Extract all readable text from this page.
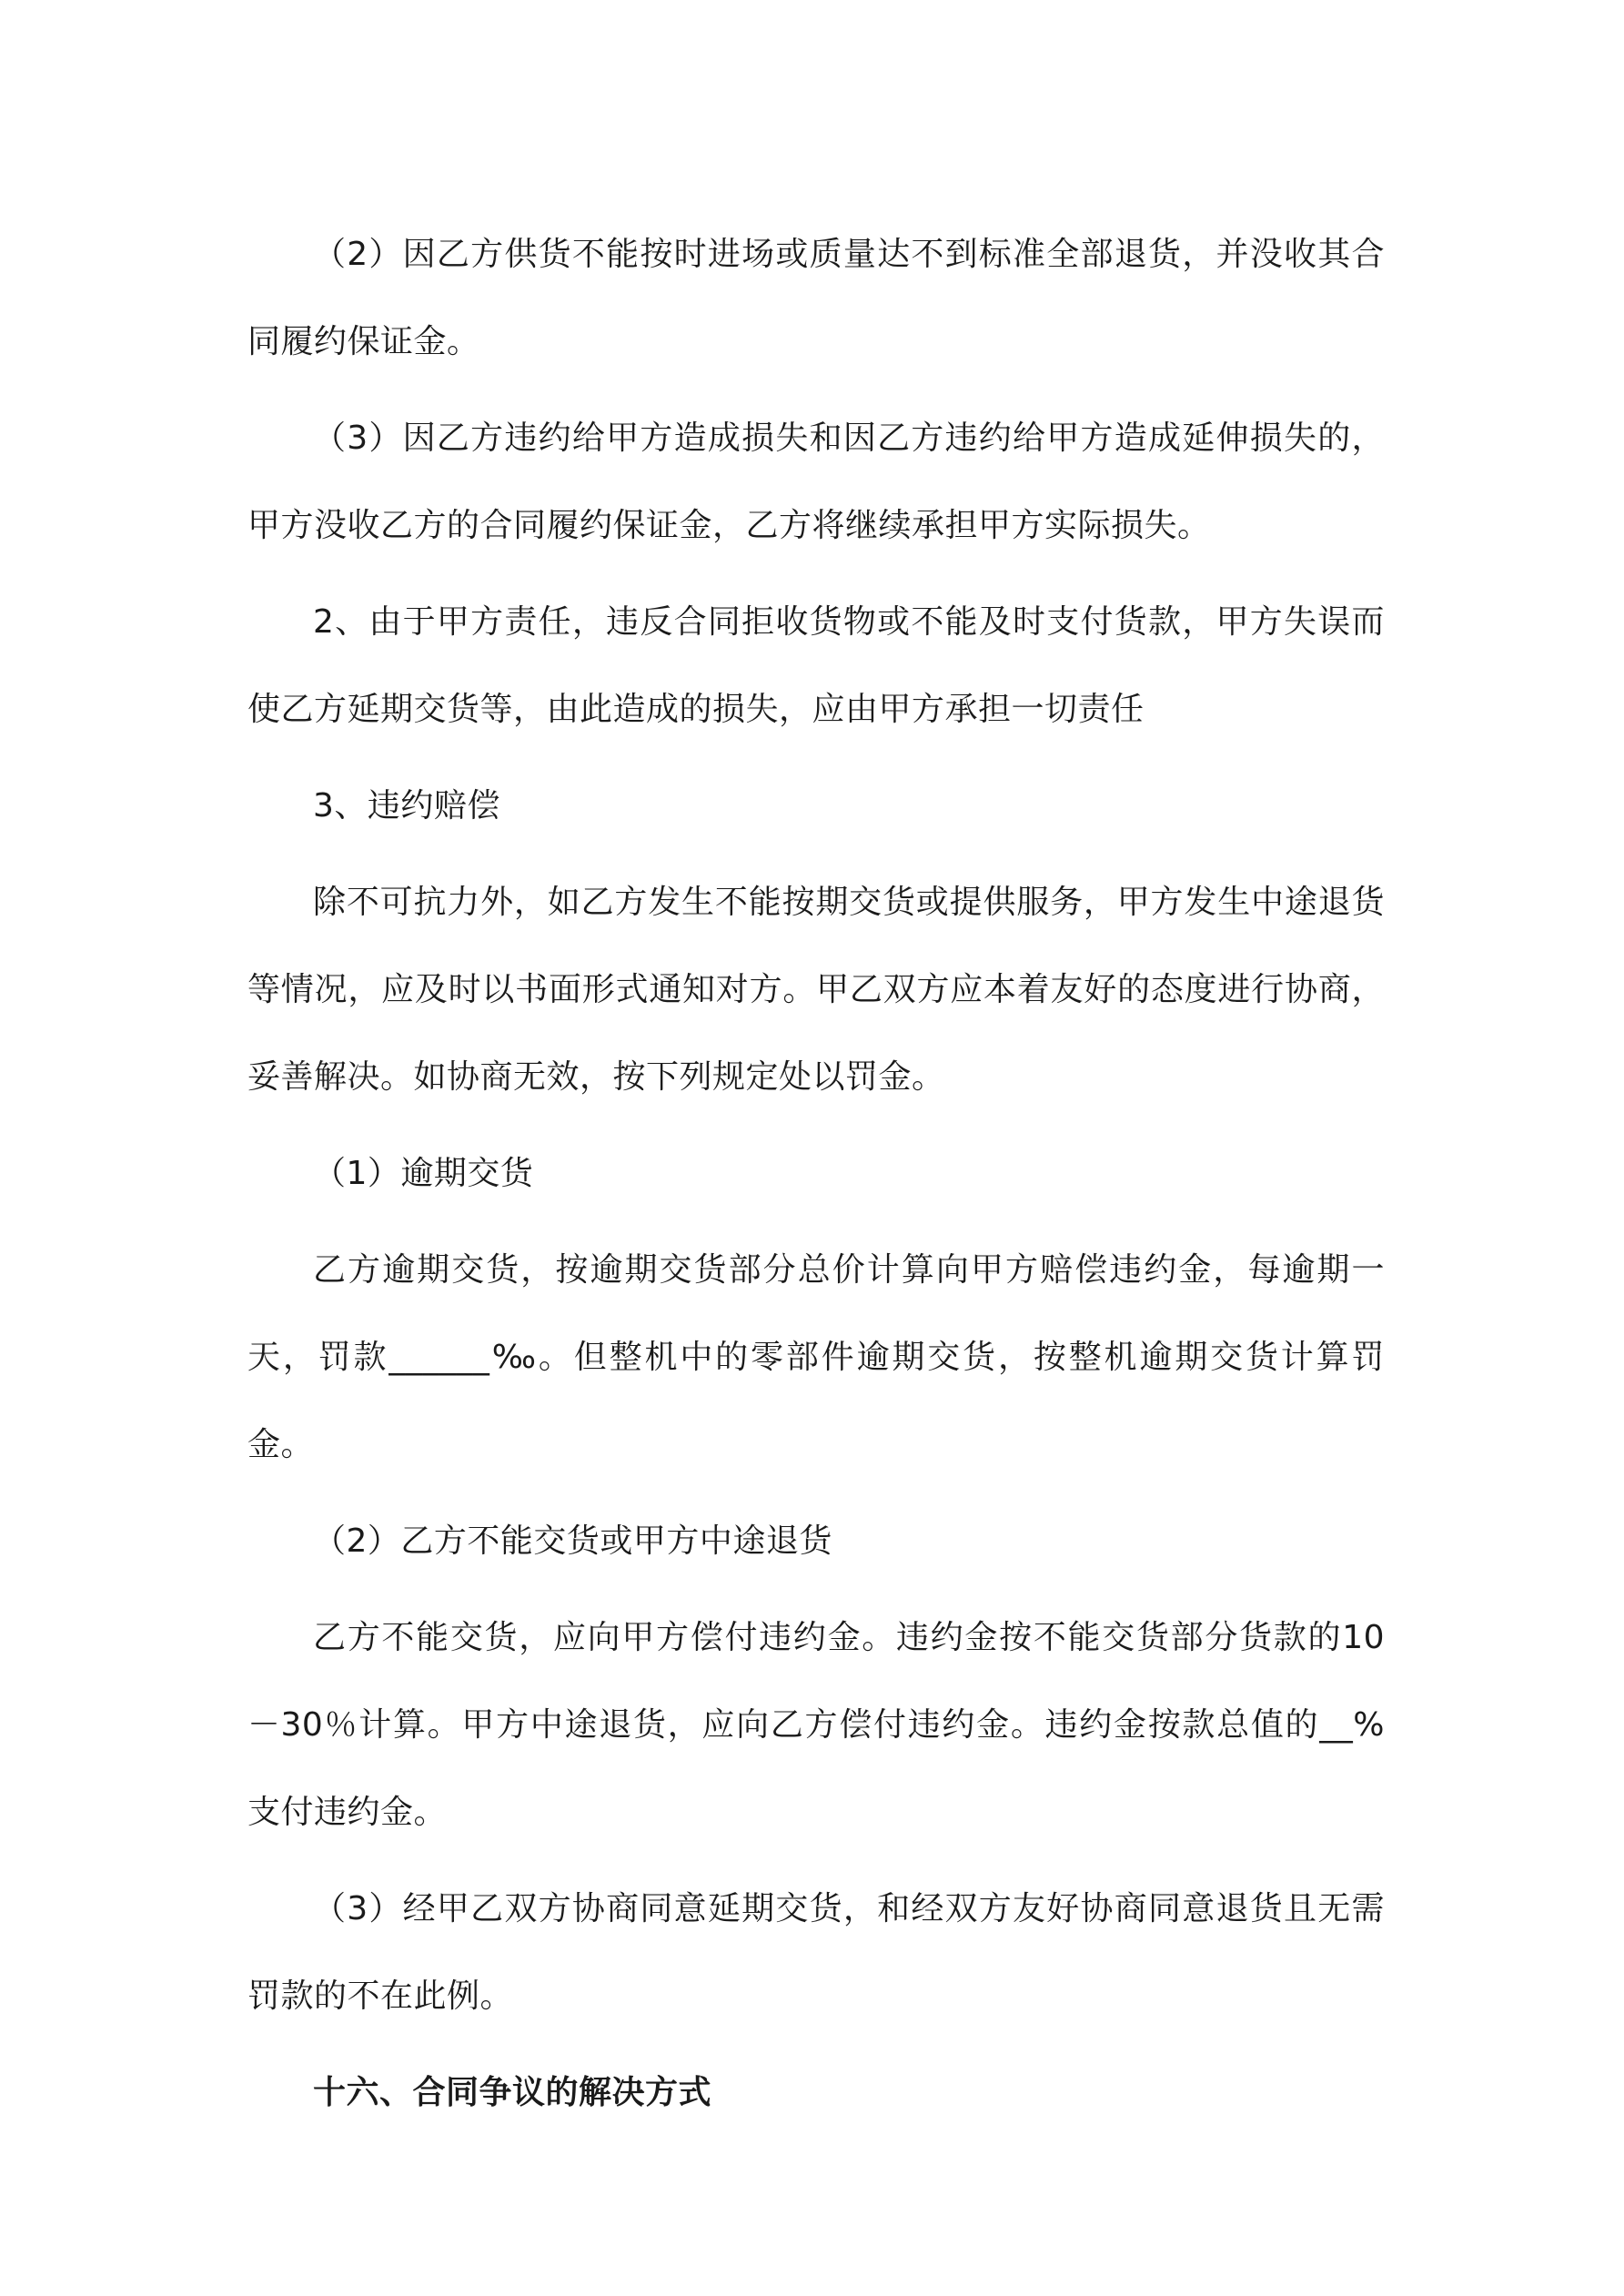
（2）因乙方供货不能按时进场或质量达不到标准全部退货，并没收其合同履约保证金。

（3）因乙方违约给甲方造成损失和因乙方违约给甲方造成延伸损失的，甲方没收乙方的合同履约保证金，乙方将继续承担甲方实际损失。

2、由于甲方责任，违反合同拒收货物或不能及时支付货款，甲方失误而使乙方延期交货等，由此造成的损失，应由甲方承担一切责任

3、违约赔偿

除不可抗力外，如乙方发生不能按期交货或提供服务，甲方发生中途退货等情况，应及时以书面形式通知对方。甲乙双方应本着友好的态度进行协商，妥善解决。如协商无效，按下列规定处以罚金。

（1）逾期交货

乙方逾期交货，按逾期交货部分总价计算向甲方赔偿违约金，每逾期一天，罚款______‰。但整机中的零部件逾期交货，按整机逾期交货计算罚金。

（2）乙方不能交货或甲方中途退货

乙方不能交货，应向甲方偿付违约金。违约金按不能交货部分货款的10－30％计算。甲方中途退货，应向乙方偿付违约金。违约金按款总值的__%支付违约金。

（3）经甲乙双方协商同意延期交货，和经双方友好协商同意退货且无需罚款的不在此例。

十六、合同争议的解决方式
